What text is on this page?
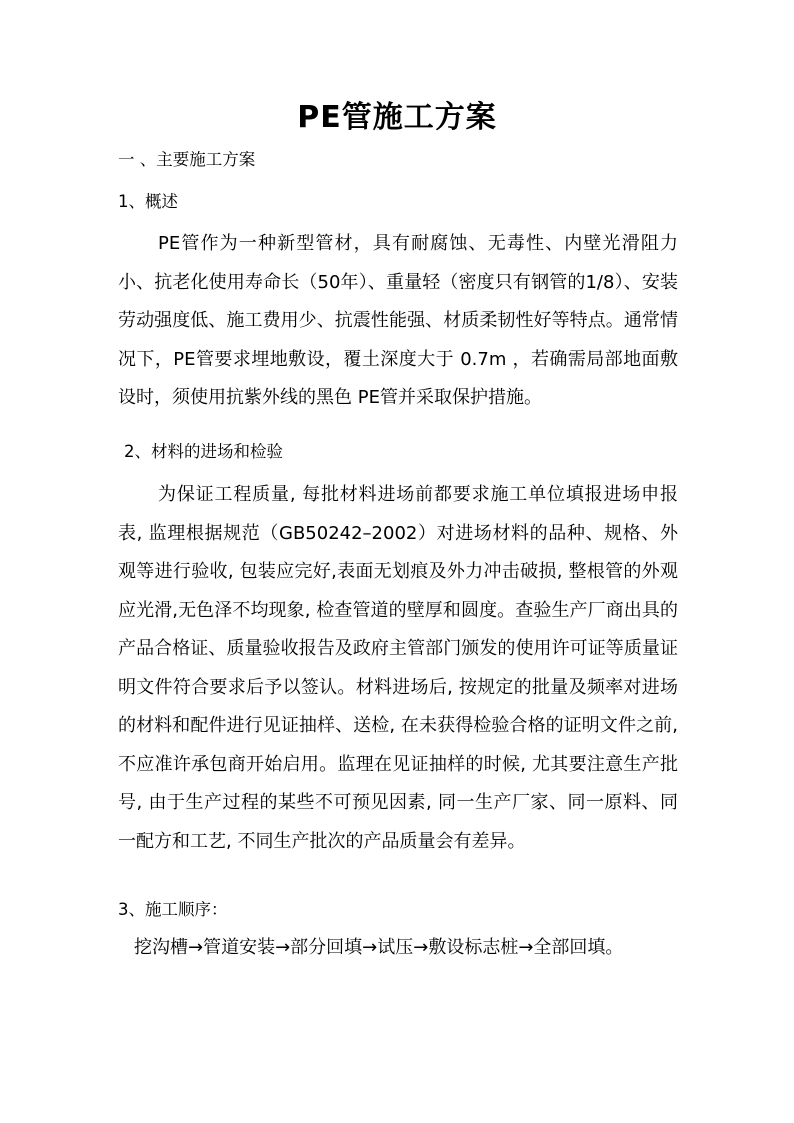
PE管施工方案
一 、主要施工方案
1、概述
PE管作为一种新型管材，具有耐腐蚀、无毒性、内壁光滑阻力小、抗老化使用寿命长（50年）、重量轻（密度只有钢管的1/8）、安装劳动强度低、施工费用少、抗震性能强、材质柔韧性好等特点。通常情况下，PE管要求埋地敷设，覆土深度大于 0.7m ，若确需局部地面敷设时，须使用抗紫外线的黑色 PE管并采取保护措施。
2、材料的进场和检验
为保证工程质量, 每批材料进场前都要求施工单位填报进场申报表, 监理根据规范（GB50242–2002）对进场材料的品种、规格、外观等进行验收, 包装应完好,表面无划痕及外力冲击破损, 整根管的外观应光滑,无色泽不均现象, 检查管道的壁厚和圆度。查验生产厂商出具的产品合格证、质量验收报告及政府主管部门颁发的使用许可证等质量证明文件符合要求后予以签认。材料进场后, 按规定的批量及频率对进场的材料和配件进行见证抽样、送检, 在未获得检验合格的证明文件之前, 不应准许承包商开始启用。监理在见证抽样的时候, 尤其要注意生产批号, 由于生产过程的某些不可预见因素, 同一生产厂家、同一原料、同一配方和工艺, 不同生产批次的产品质量会有差异。
3、施工顺序：
挖沟槽→管道安装→部分回填→试压→敷设标志桩→全部回填。
